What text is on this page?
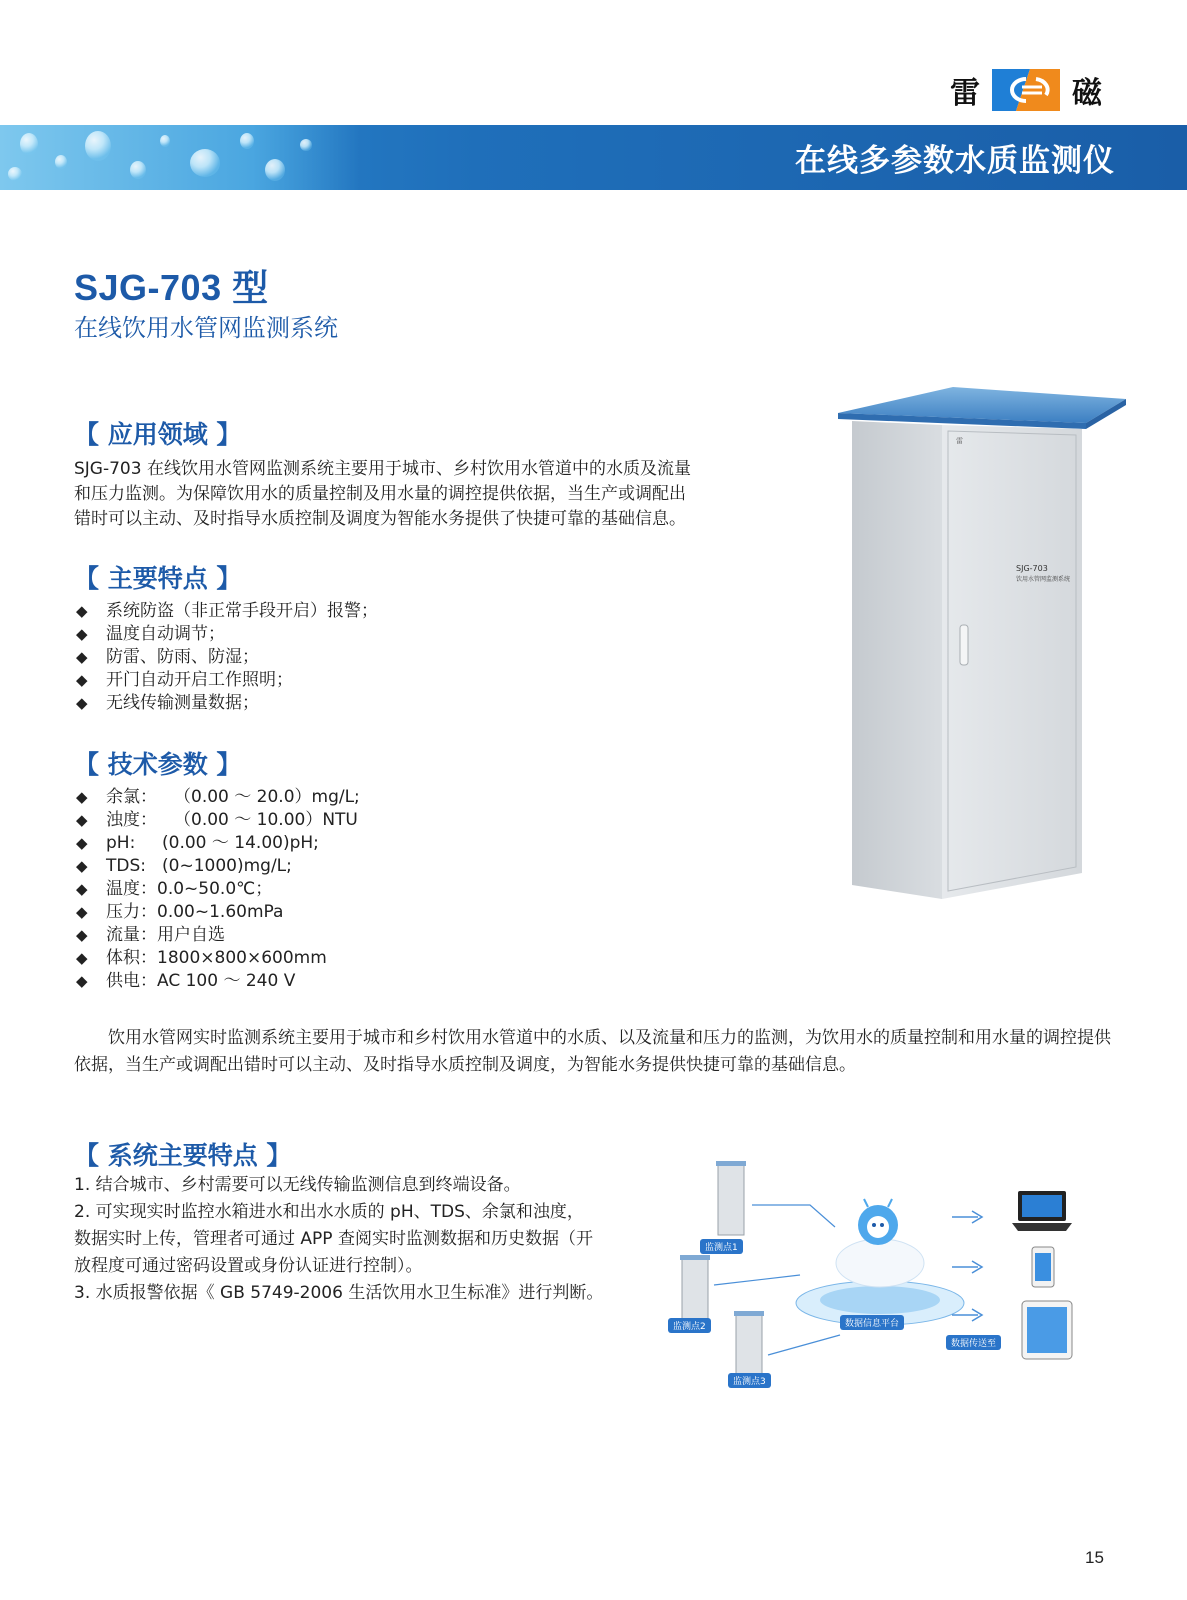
雷	磁
在线多参数水质监测仪
SJG-703 型
在线饮用水管网监测系统
【 应用领域 】
SJG-703 在线饮用水管网监测系统主要用于城市、乡村饮用水管道中的水质及流量
和压力监测。为保障饮用水的质量控制及用水量的调控提供依据，当生产或调配出
错时可以主动、及时指导水质控制及调度为智能水务提供了快捷可靠的基础信息。
【 主要特点 】
◆	系统防盗（非正常手段开启）报警；
◆	温度自动调节；
◆	防雷、防雨、防湿；
◆	开门自动开启工作照明；
◆	无线传输测量数据；
【 技术参数 】
◆	余氯：	（0.00 ～ 20.0）mg/L;
◆	浊度：	（0.00 ～ 10.00）NTU
◆	pH:	(0.00 ～ 14.00)pH;
◆	TDS: (0~1000)mg/L;
◆	温度： 0.0~50.0℃；
◆	压力： 0.00~1.60mPa
◆	流量： 用户自选
◆	体积： 1800×800×600mm
◆	供电： AC 100 ～ 240 V
雷
SJG-703
饮用水管网监测系统
饮用水管网实时监测系统主要用于城市和乡村饮用水管道中的水质、以及流量和压力的监测，为饮用水的质量控制和用水量的调控提供依据，当生产或调配出错时可以主动、及时指导水质控制及调度，为智能水务提供快捷可靠的基础信息。
【 系统主要特点 】
1. 结合城市、乡村需要可以无线传输监测信息到终端设备。
2. 可实现实时监控水箱进水和出水水质的 pH、TDS、余氯和浊度，
数据实时上传，管理者可通过 APP 查阅实时监测数据和历史数据（开
放程度可通过密码设置或身份认证进行控制）。
3. 水质报警依据《 GB 5749-2006 生活饮用水卫生标准》进行判断。
监测点1
监测点2
监测点3
数据信息平台
数据传送至
15
